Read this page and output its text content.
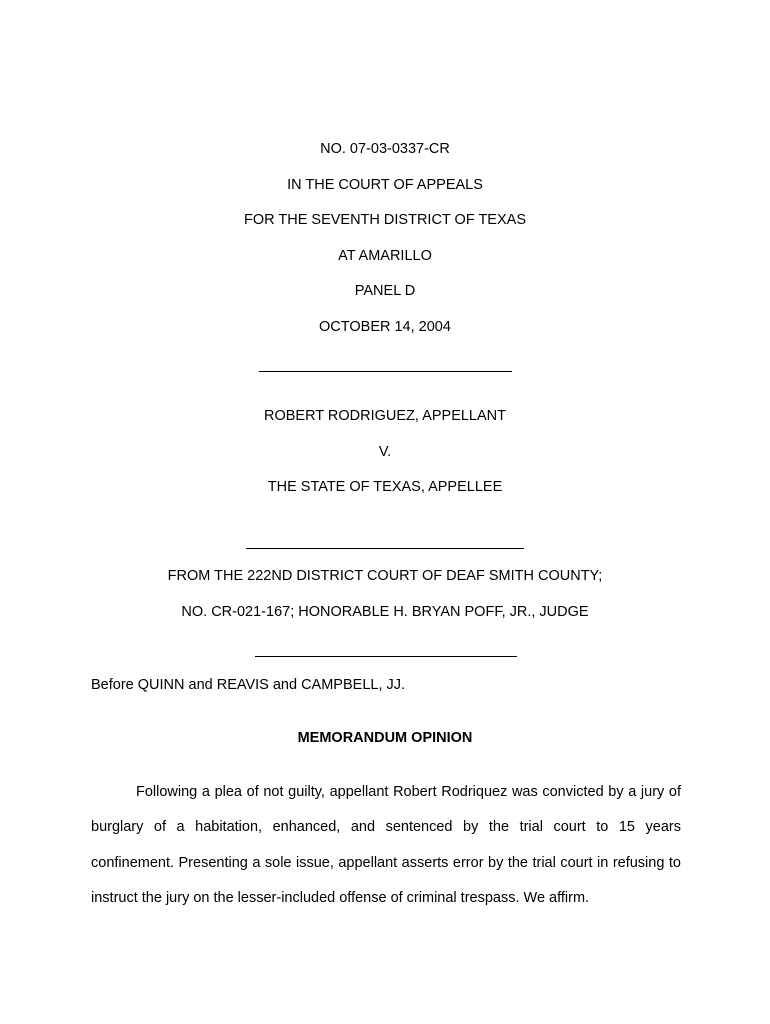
NO. 07-03-0337-CR
IN THE COURT OF APPEALS
FOR THE SEVENTH DISTRICT OF TEXAS
AT AMARILLO
PANEL D
OCTOBER 14, 2004
ROBERT RODRIGUEZ, APPELLANT
V.
THE STATE OF TEXAS, APPELLEE
FROM THE 222ND DISTRICT COURT OF DEAF SMITH COUNTY;
NO. CR-021-167; HONORABLE H. BRYAN POFF, JR., JUDGE
Before QUINN and REAVIS and CAMPBELL, JJ.
MEMORANDUM OPINION

Following a plea of not guilty, appellant Robert Rodriquez was convicted by a jury of burglary of a habitation, enhanced, and sentenced by the trial court to 15 years confinement. Presenting a sole issue, appellant asserts error by the trial court in refusing to instruct the jury on the lesser-included offense of criminal trespass. We affirm.
